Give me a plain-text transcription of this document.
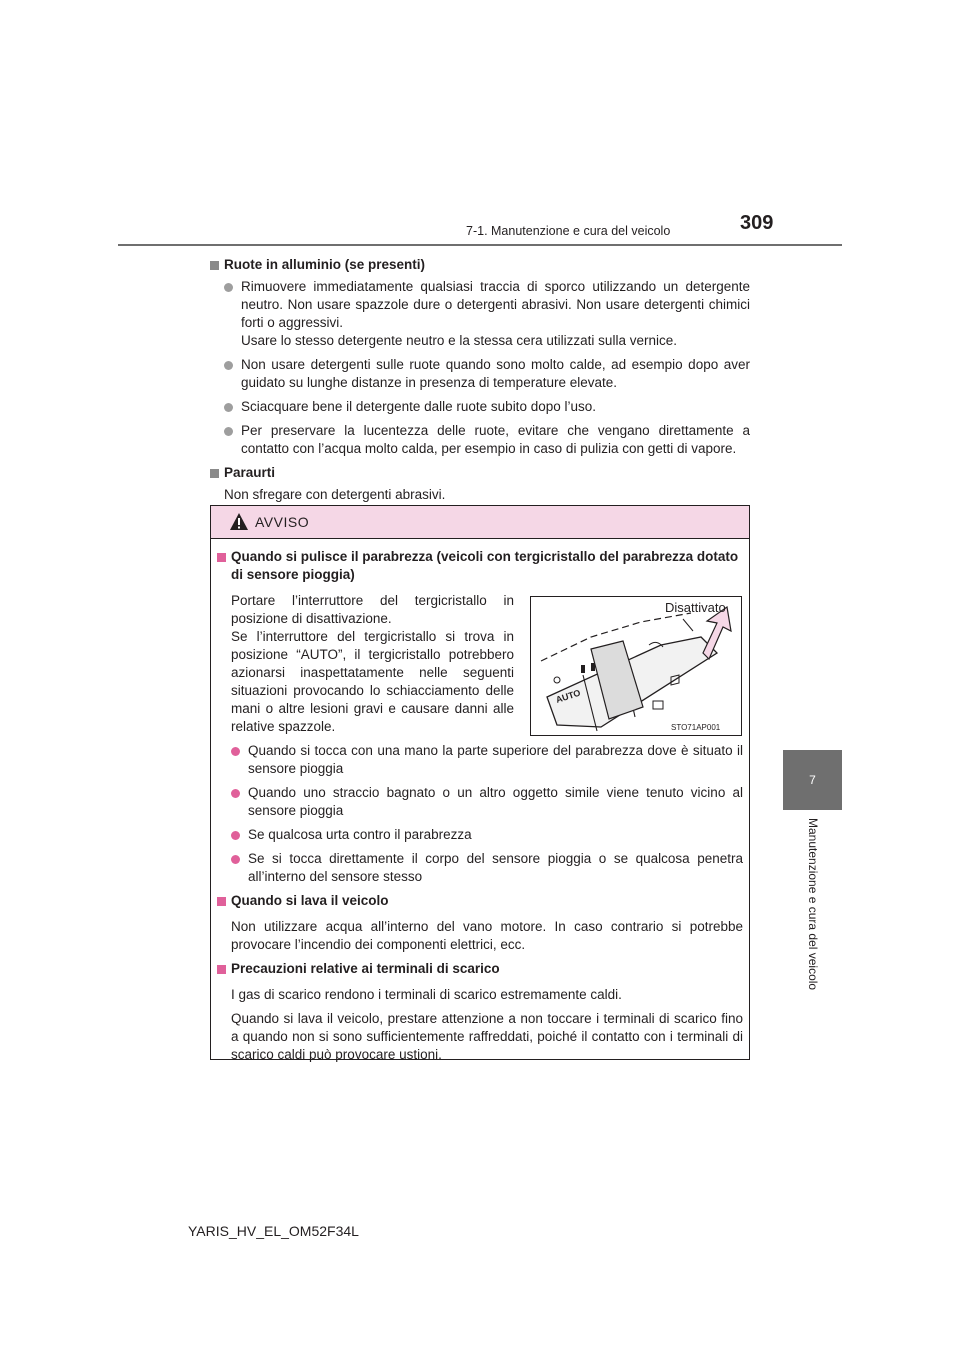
7-1. Manutenzione e cura del veicolo	309
7
Manutenzione e cura del veicolo
Ruote in alluminio (se presenti)
Rimuovere immediatamente qualsiasi traccia di sporco utilizzando un detergente neutro. Non usare spazzole dure o detergenti abrasivi. Non usare detergenti chimici forti o aggressivi.
Usare lo stesso detergente neutro e la stessa cera utilizzati sulla vernice.
Non usare detergenti sulle ruote quando sono molto calde, ad esempio dopo aver guidato su lunghe distanze in presenza di temperature elevate.
Sciacquare bene il detergente dalle ruote subito dopo l’uso.
Per preservare la lucentezza delle ruote, evitare che vengano direttamente a contatto con l’acqua molto calda, per esempio in caso di pulizia con getti di vapore.
Paraurti
Non sfregare con detergenti abrasivi.
AVVISO
Quando si pulisce il parabrezza (veicoli con tergicristallo del parabrezza dotato di sensore pioggia)
Portare l’interruttore del tergicristallo in posizione di disattivazione.
Se l’interruttore del tergicristallo si trova in posizione “AUTO”, il tergicristallo potrebbero azionarsi inaspettatamente nelle seguenti situazioni provocando lo schiacciamento delle mani o altre lesioni gravi e causare danni alle relative spazzole.
AUTO
Disattivato
STO71AP001
Quando si tocca con una mano la parte superiore del parabrezza dove è situato il sensore pioggia
Quando uno straccio bagnato o un altro oggetto simile viene tenuto vicino al sensore pioggia
Se qualcosa urta contro il parabrezza
Se si tocca direttamente il corpo del sensore pioggia o se qualcosa penetra all’interno del sensore stesso
Quando si lava il veicolo
Non utilizzare acqua all’interno del vano motore. In caso contrario si potrebbe provocare l’incendio dei componenti elettrici, ecc.
Precauzioni relative ai terminali di scarico
I gas di scarico rendono i terminali di scarico estremamente caldi.
Quando si lava il veicolo, prestare attenzione a non toccare i terminali di scarico fino a quando non si sono sufficientemente raffreddati, poiché il contatto con i terminali di scarico caldi può provocare ustioni.
YARIS_HV_EL_OM52F34L
